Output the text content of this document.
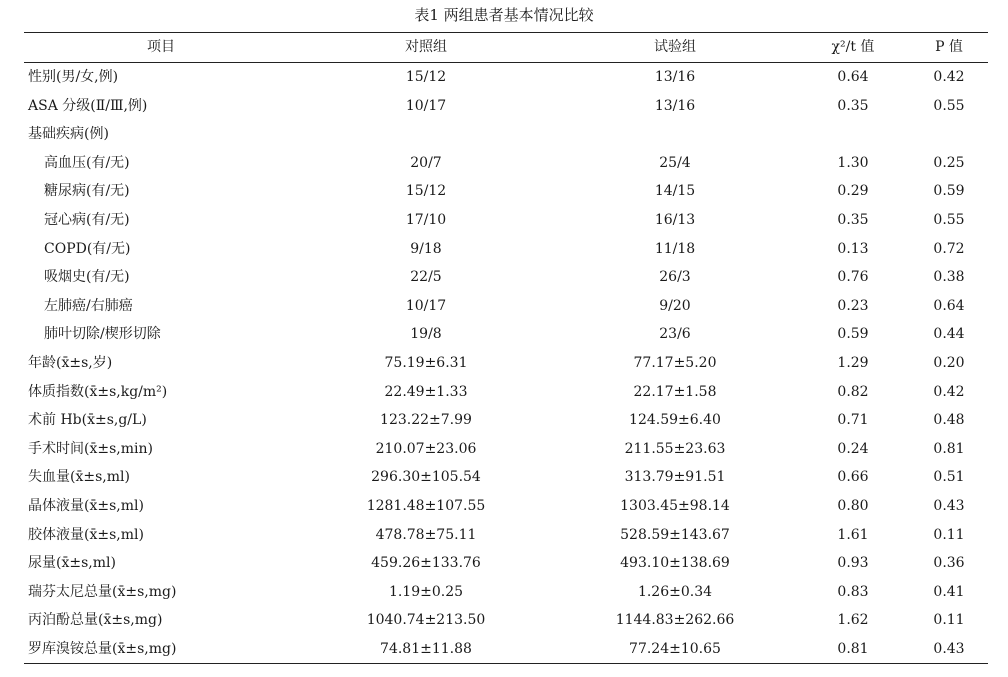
表1 两组患者基本情况比较
项目	对照组	试验组	χ²/t 值	P 值
性别(男/女,例)	15/12	13/16	0.64	0.42
ASA 分级(Ⅱ/Ⅲ,例)	10/17	13/16	0.35	0.55
基础疾病(例)				
高血压(有/无)	20/7	25/4	1.30	0.25
糖尿病(有/无)	15/12	14/15	0.29	0.59
冠心病(有/无)	17/10	16/13	0.35	0.55
COPD(有/无)	9/18	11/18	0.13	0.72
吸烟史(有/无)	22/5	26/3	0.76	0.38
左肺癌/右肺癌	10/17	9/20	0.23	0.64
肺叶切除/楔形切除	19/8	23/6	0.59	0.44
年龄(x̄±s,岁)	75.19±6.31	77.17±5.20	1.29	0.20
体质指数(x̄±s,kg/m²)	22.49±1.33	22.17±1.58	0.82	0.42
术前 Hb(x̄±s,g/L)	123.22±7.99	124.59±6.40	0.71	0.48
手术时间(x̄±s,min)	210.07±23.06	211.55±23.63	0.24	0.81
失血量(x̄±s,ml)	296.30±105.54	313.79±91.51	0.66	0.51
晶体液量(x̄±s,ml)	1281.48±107.55	1303.45±98.14	0.80	0.43
胶体液量(x̄±s,ml)	478.78±75.11	528.59±143.67	1.61	0.11
尿量(x̄±s,ml)	459.26±133.76	493.10±138.69	0.93	0.36
瑞芬太尼总量(x̄±s,mg)	1.19±0.25	1.26±0.34	0.83	0.41
丙泊酚总量(x̄±s,mg)	1040.74±213.50	1144.83±262.66	1.62	0.11
罗库溴铵总量(x̄±s,mg)	74.81±11.88	77.24±10.65	0.81	0.43
